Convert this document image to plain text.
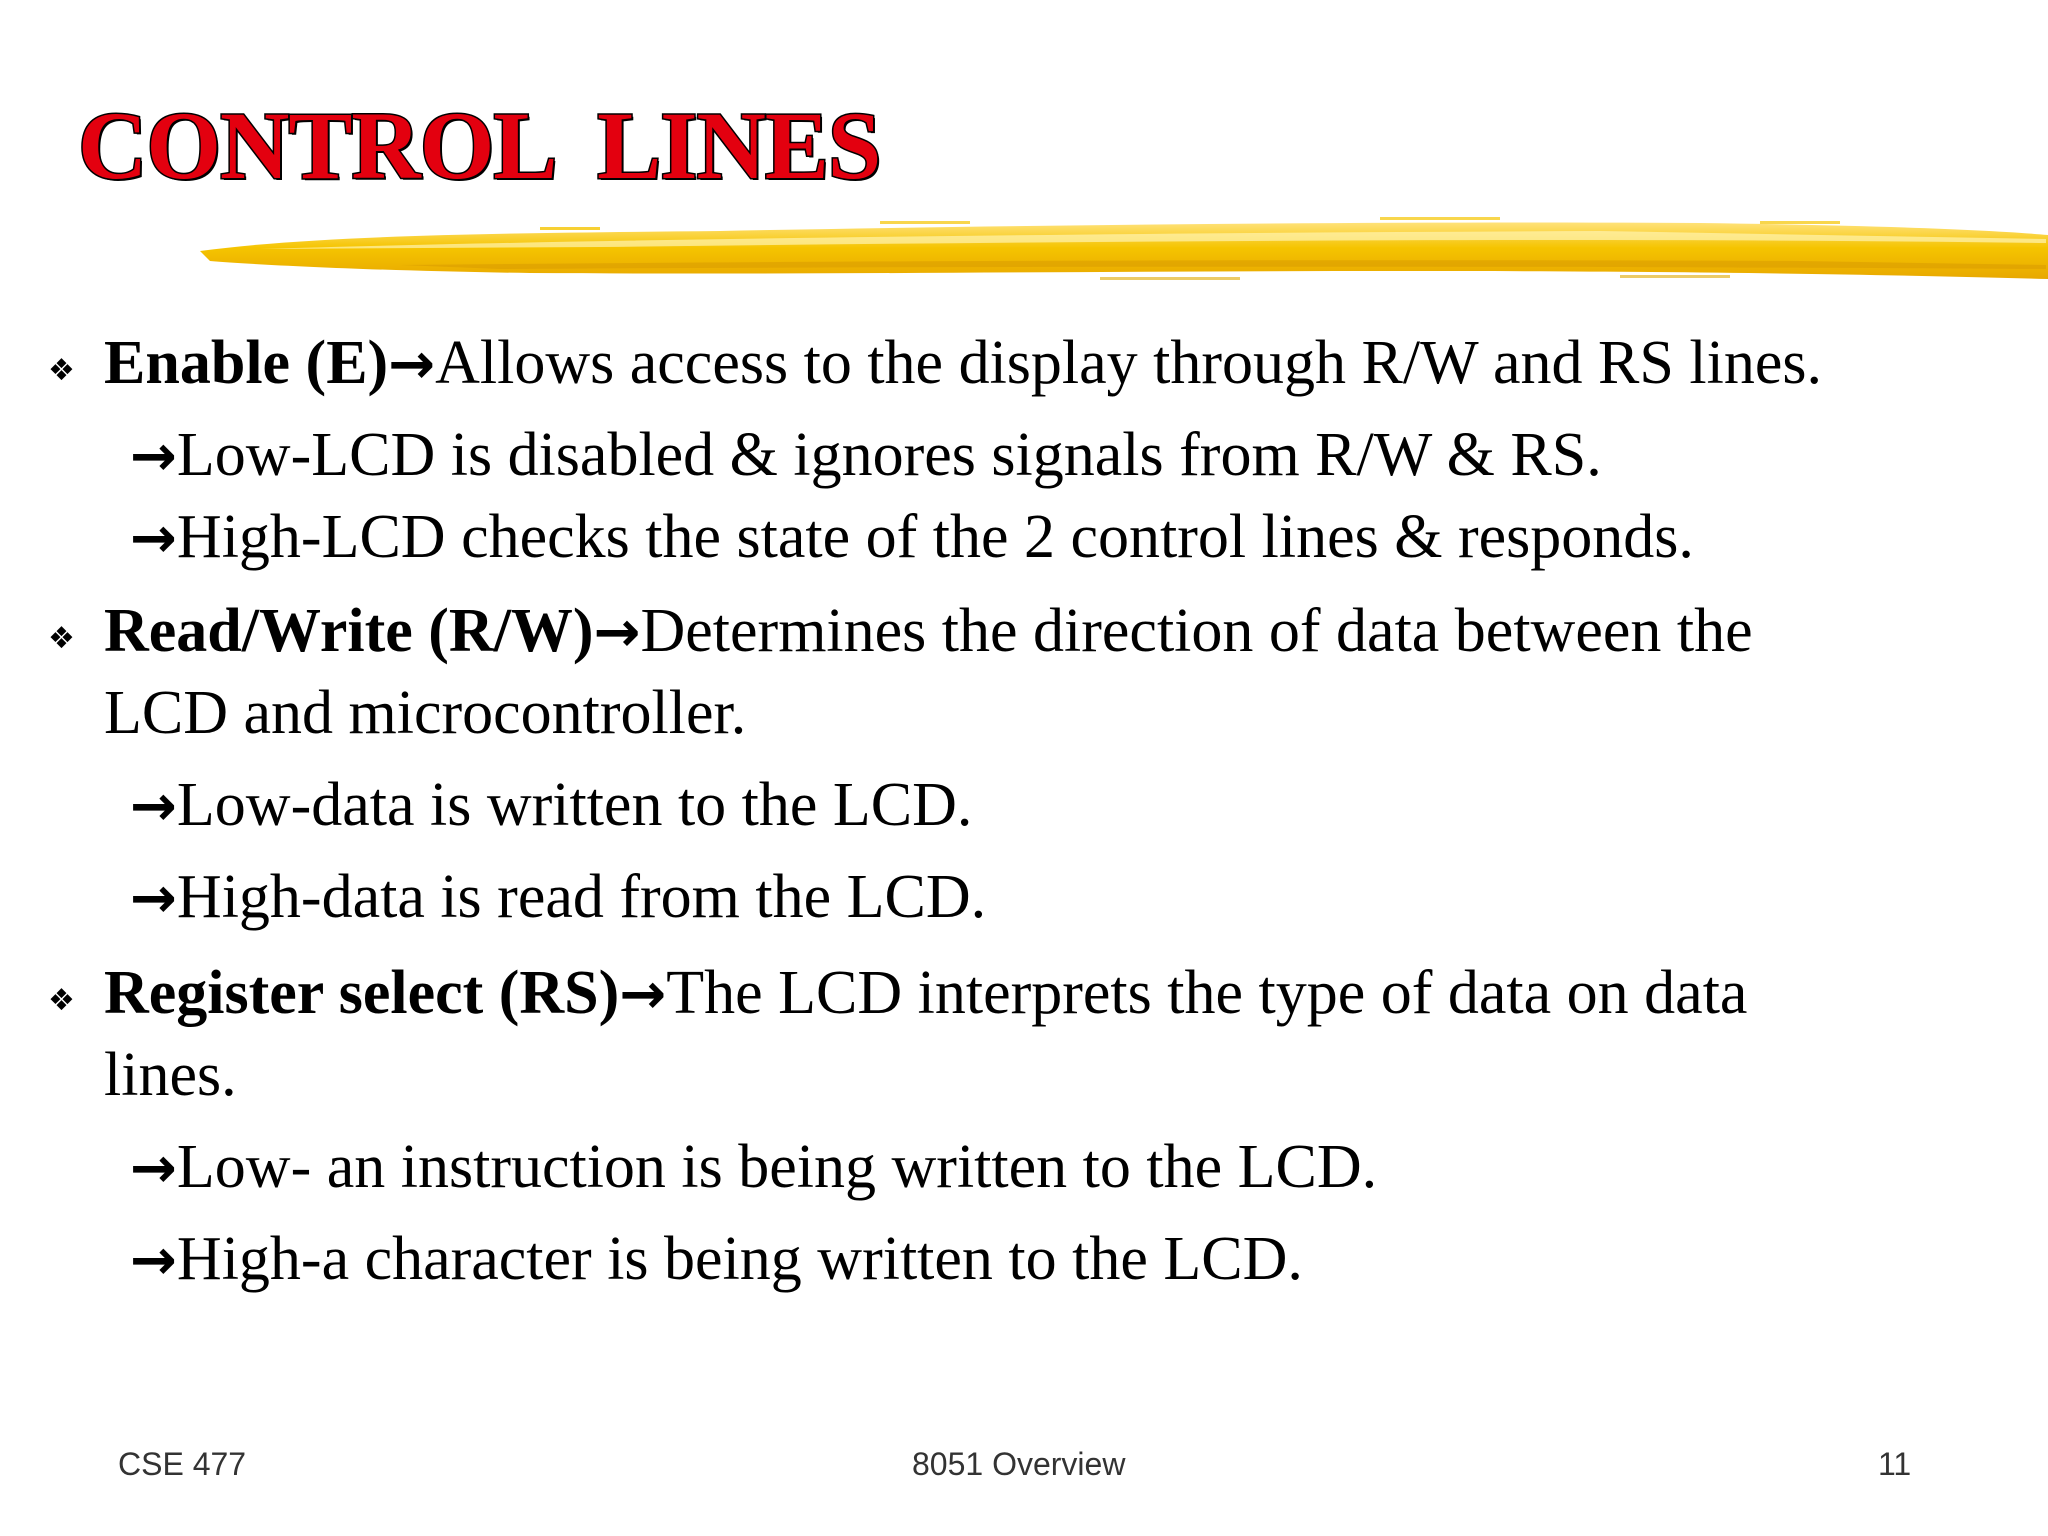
CONTROL  LINES
❖ Enable (E)→Allows access to the display through R/W and RS lines.
→Low-LCD is disabled & ignores signals from R/W & RS.
→High-LCD checks the state of the 2 control lines & responds.
❖ Read/Write (R/W)→Determines the direction of data between the
LCD and microcontroller.
→Low-data is written to the LCD.
→High-data is read from the LCD.
❖ Register select (RS)→The LCD interprets the type of data on data
lines.
→Low- an instruction is being written to the LCD.
→High-a character is being written to the LCD.
CSE 477	8051 Overview	11
